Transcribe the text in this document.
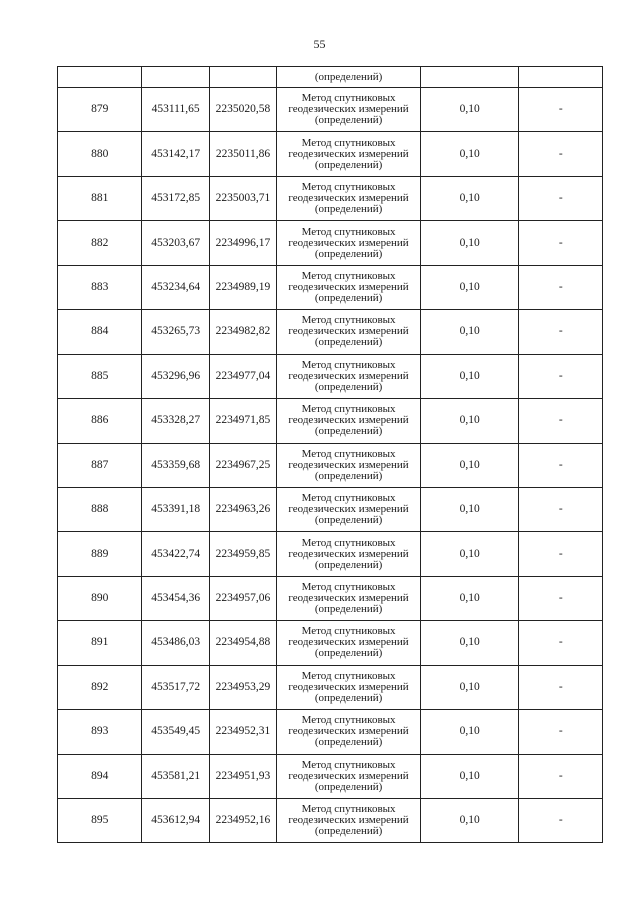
55
			(определений)		
879	453111,65	2235020,58	Метод спутниковых
геодезических измерений
(определений)	0,10	-
880	453142,17	2235011,86	Метод спутниковых
геодезических измерений
(определений)	0,10	-
881	453172,85	2235003,71	Метод спутниковых
геодезических измерений
(определений)	0,10	-
882	453203,67	2234996,17	Метод спутниковых
геодезических измерений
(определений)	0,10	-
883	453234,64	2234989,19	Метод спутниковых
геодезических измерений
(определений)	0,10	-
884	453265,73	2234982,82	Метод спутниковых
геодезических измерений
(определений)	0,10	-
885	453296,96	2234977,04	Метод спутниковых
геодезических измерений
(определений)	0,10	-
886	453328,27	2234971,85	Метод спутниковых
геодезических измерений
(определений)	0,10	-
887	453359,68	2234967,25	Метод спутниковых
геодезических измерений
(определений)	0,10	-
888	453391,18	2234963,26	Метод спутниковых
геодезических измерений
(определений)	0,10	-
889	453422,74	2234959,85	Метод спутниковых
геодезических измерений
(определений)	0,10	-
890	453454,36	2234957,06	Метод спутниковых
геодезических измерений
(определений)	0,10	-
891	453486,03	2234954,88	Метод спутниковых
геодезических измерений
(определений)	0,10	-
892	453517,72	2234953,29	Метод спутниковых
геодезических измерений
(определений)	0,10	-
893	453549,45	2234952,31	Метод спутниковых
геодезических измерений
(определений)	0,10	-
894	453581,21	2234951,93	Метод спутниковых
геодезических измерений
(определений)	0,10	-
895	453612,94	2234952,16	Метод спутниковых
геодезических измерений
(определений)	0,10	-
